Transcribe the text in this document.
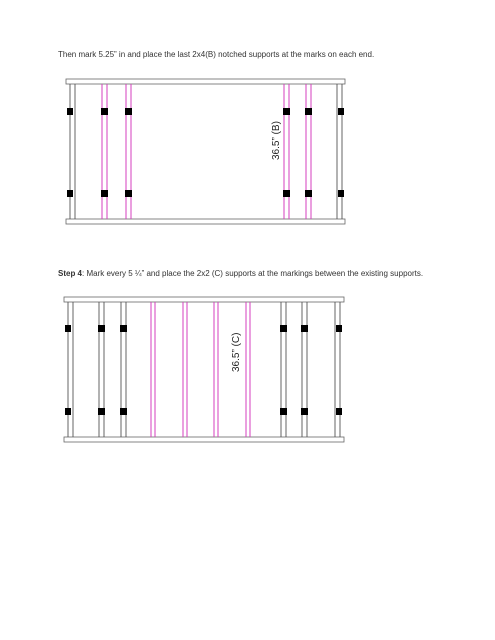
Then mark 5.25” in and place the last 2x4(B) notched supports at the marks on each end.
Step 4: Mark every 5 ¼” and place the 2x2 (C) supports at the markings between the existing supports.
36.5” (B)
36.5” (C)
